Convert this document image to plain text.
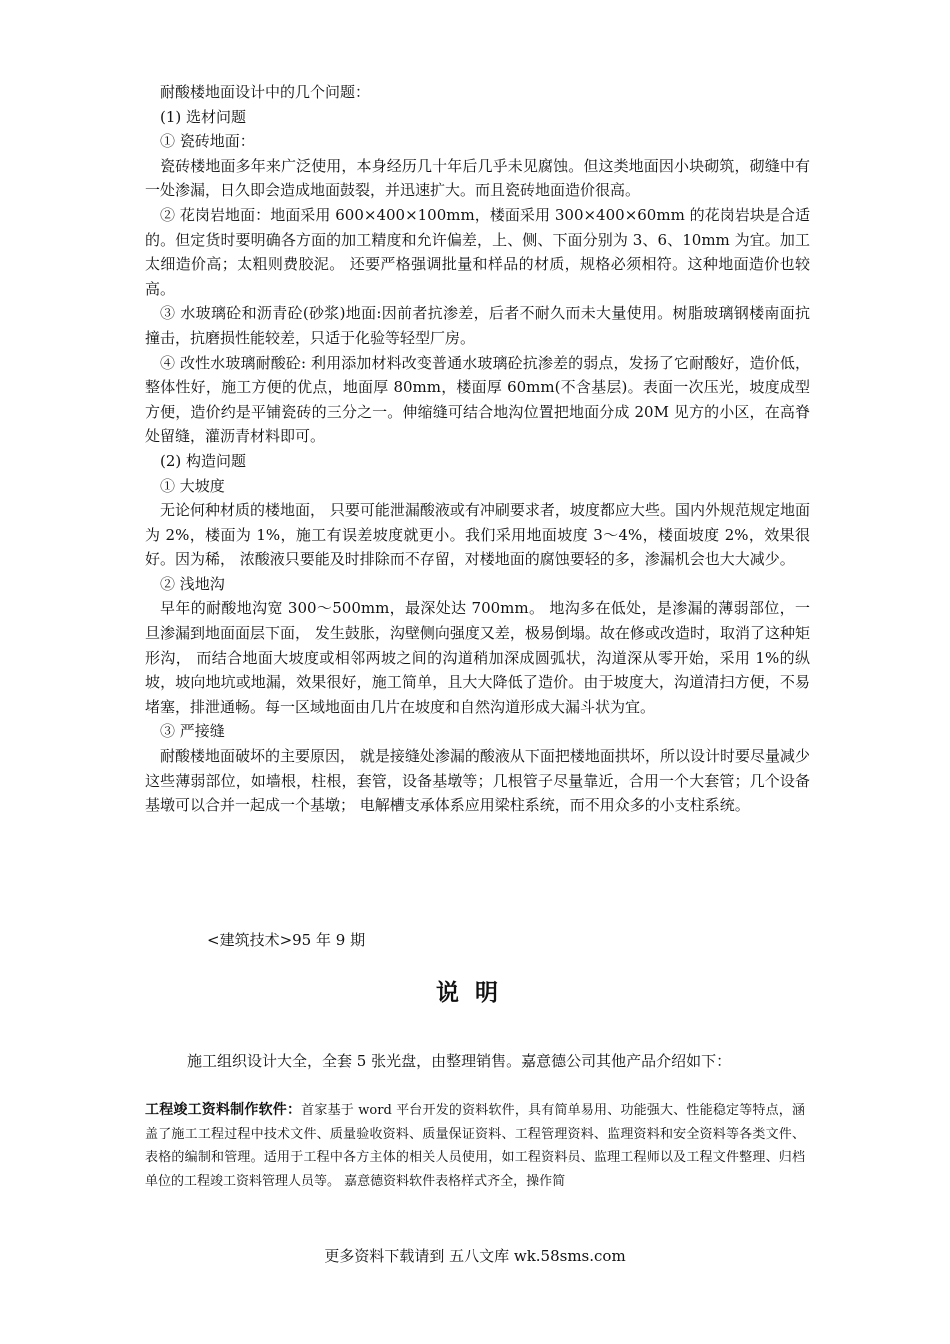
耐酸楼地面设计中的几个问题：

(1) 选材问题

① 瓷砖地面：

瓷砖楼地面多年来广泛使用，本身经历几十年后几乎未见腐蚀。但这类地面因小块砌筑，砌缝中有一处渗漏，日久即会造成地面鼓裂，并迅速扩大。而且瓷砖地面造价很高。

② 花岗岩地面：地面采用 600×400×100mm，楼面采用 300×400×60mm 的花岗岩块是合适的。但定货时要明确各方面的加工精度和允许偏差，上、侧、下面分别为 3、6、10mm 为宜。加工太细造价高；太粗则费胶泥。 还要严格强调批量和样品的材质，规格必须相符。这种地面造价也较高。

③ 水玻璃砼和沥青砼(砂浆)地面:因前者抗渗差，后者不耐久而未大量使用。树脂玻璃钢楼南面抗撞击，抗磨损性能较差，只适于化验等轻型厂房。

④ 改性水玻璃耐酸砼: 利用添加材料改变普通水玻璃砼抗渗差的弱点，发扬了它耐酸好，造价低，整体性好，施工方便的优点，地面厚 80mm，楼面厚 60mm(不含基层)。表面一次压光，坡度成型方便，造价约是平铺瓷砖的三分之一。伸缩缝可结合地沟位置把地面分成 20M 见方的小区，在高脊处留缝，灌沥青材料即可。

(2) 构造问题

① 大坡度

无论何种材质的楼地面， 只要可能泄漏酸液或有冲刷要求者，坡度都应大些。国内外规范规定地面为 2%，楼面为 1%，施工有误差坡度就更小。我们采用地面坡度 3～4%，楼面坡度 2%，效果很好。因为稀， 浓酸液只要能及时排除而不存留，对楼地面的腐蚀要轻的多，渗漏机会也大大减少。

② 浅地沟

早年的耐酸地沟宽 300～500mm，最深处达 700mm。 地沟多在低处，是渗漏的薄弱部位，一旦渗漏到地面面层下面， 发生鼓胀，沟壁侧向强度又差，极易倒塌。故在修或改造时，取消了这种矩形沟， 而结合地面大坡度或相邻两坡之间的沟道稍加深成圆弧状，沟道深从零开始，采用 1%的纵坡，坡向地坑或地漏，效果很好，施工简单，且大大降低了造价。由于坡度大，沟道清扫方便，不易堵塞，排泄通畅。每一区域地面由几片在坡度和自然沟道形成大漏斗状为宜。

③ 严接缝

耐酸楼地面破坏的主要原因， 就是接缝处渗漏的酸液从下面把楼地面拱坏，所以设计时要尽量减少这些薄弱部位，如墙根，柱根，套管，设备基墩等；几根管子尽量靠近，合用一个大套管；几个设备基墩可以合并一起成一个基墩； 电解槽支承体系应用梁柱系统，而不用众多的小支柱系统。

<建筑技术>95 年 9 期

说明

施工组织设计大全，全套 5 张光盘，由整理销售。嘉意德公司其他产品介绍如下：

工程竣工资料制作软件：首家基于 word 平台开发的资料软件，具有简单易用、功能强大、性能稳定等特点，涵盖了施工工程过程中技术文件、质量验收资料、质量保证资料、工程管理资料、监理资料和安全资料等各类文件、表格的编制和管理。适用于工程中各方主体的相关人员使用，如工程资料员、监理工程师以及工程文件整理、归档单位的工程竣工资料管理人员等。 嘉意德资料软件表格样式齐全，操作简

更多资料下载请到 五八文库 wk.58sms.com
